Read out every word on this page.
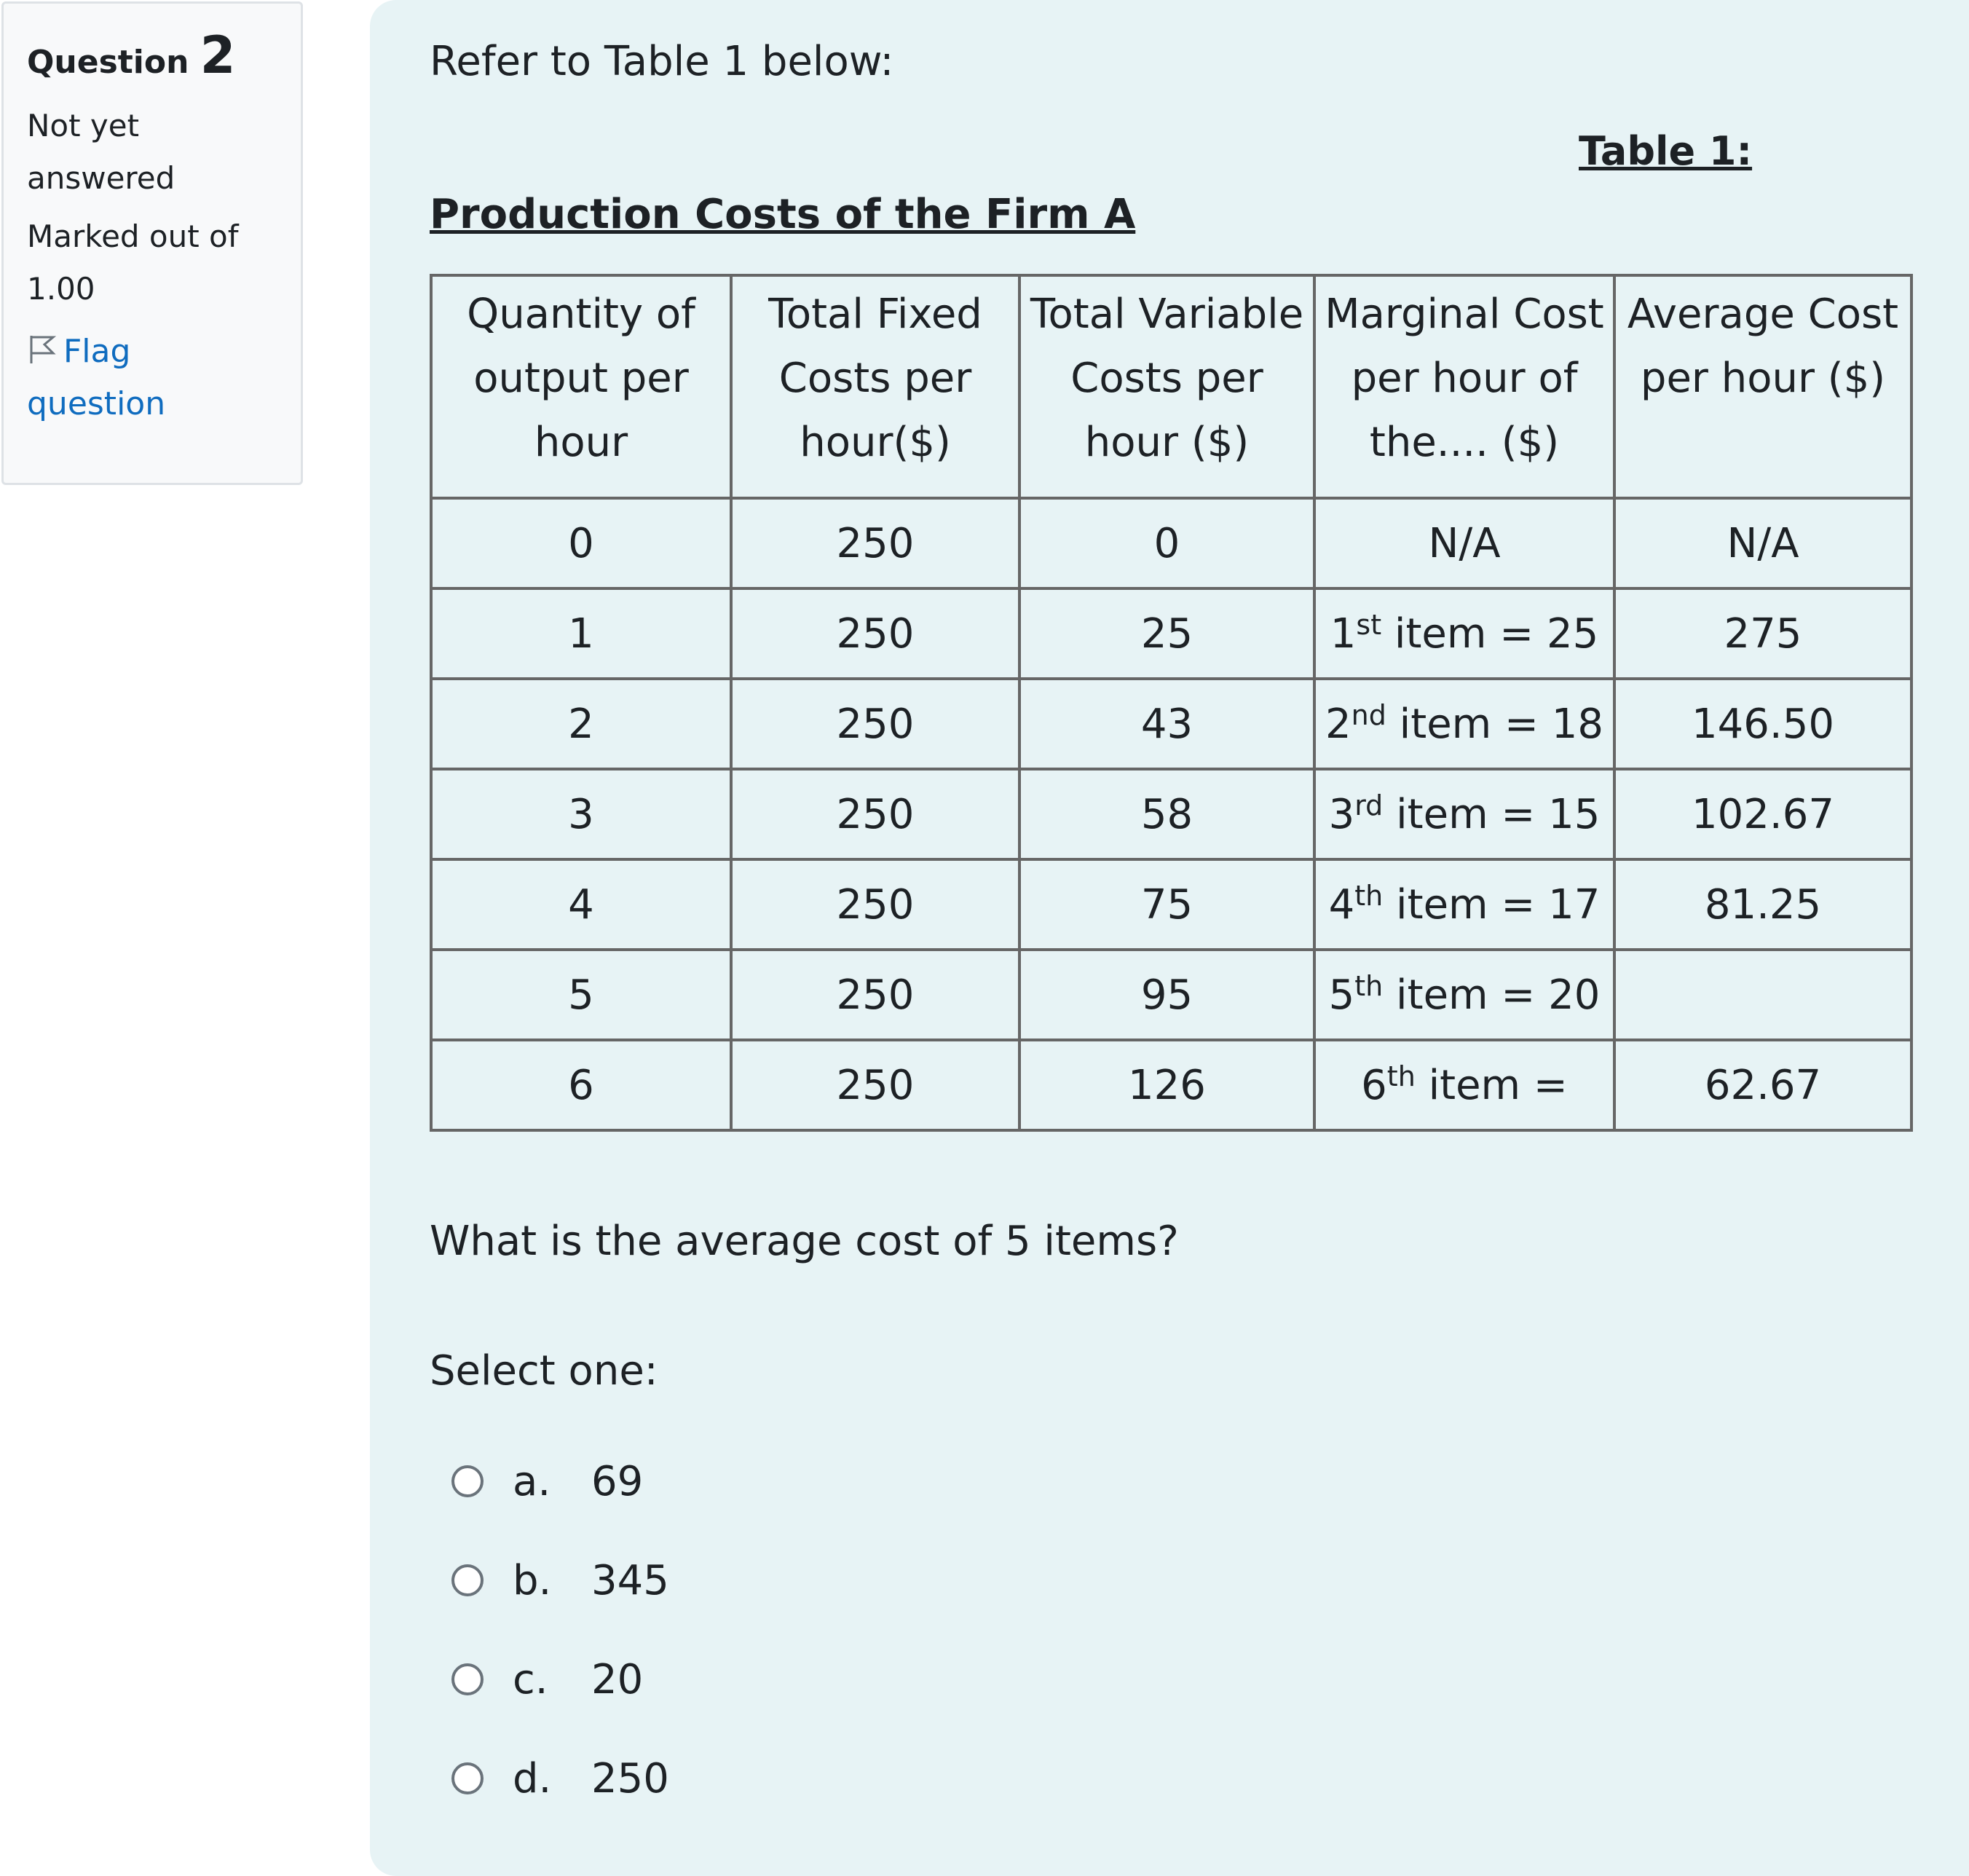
Question 2

Not yet answered
Marked out of 1.00
Flag question

Refer to Table 1 below:

Table 1:

Production Costs of the Firm A

Quantity of output per hour	Total Fixed Costs per hour($)	Total Variable Costs per hour ($)	Marginal Cost per hour of the.... ($)	Average Cost per hour ($)
0	250	0	N/A	N/A
1	250	25	1st item = 25	275
2	250	43	2nd item = 18	146.50
3	250	58	3rd item = 15	102.67
4	250	75	4th item = 17	81.25
5	250	95	5th item = 20	
6	250	126	6th item =	62.67

What is the average cost of 5 items?

Select one:

a. 69
b. 345
c.	20
d. 250
